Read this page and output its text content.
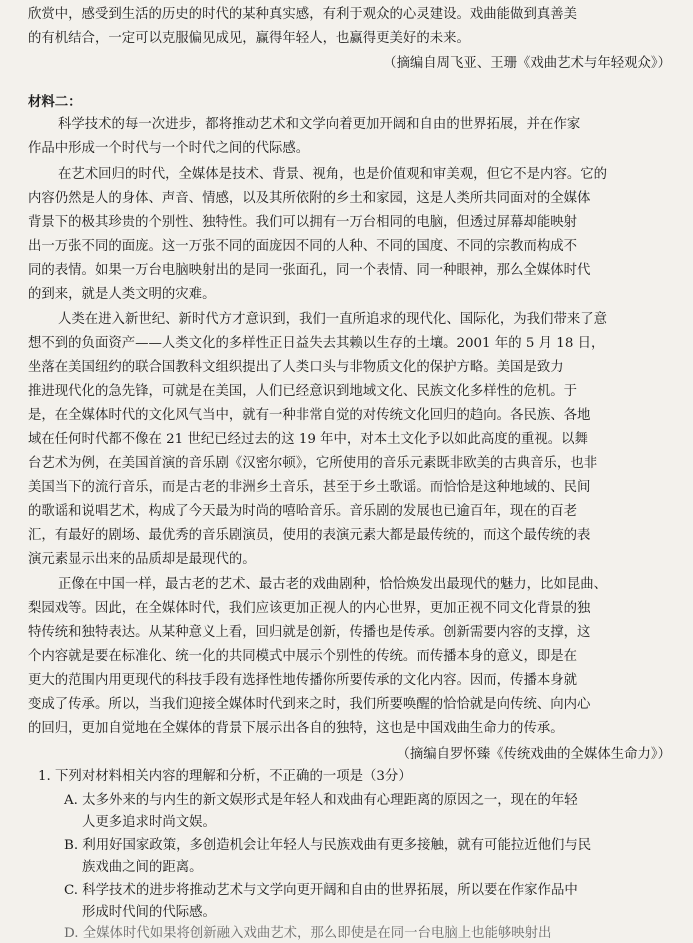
欣赏中，感受到生活的历史的时代的某种真实感，有利于观众的心灵建设。戏曲能做到真善美
的有机结合，一定可以克服偏见成见，赢得年轻人，也赢得更美好的未来。
（摘编自周飞亚、王珊《戏曲艺术与年轻观众》）
材料二：
科学技术的每一次进步，都将推动艺术和文学向着更加开阔和自由的世界拓展，并在作家
作品中形成一个时代与一个时代之间的代际感。
在艺术回归的时代，全媒体是技术、背景、视角，也是价值观和审美观，但它不是内容。它的
内容仍然是人的身体、声音、情感，以及其所依附的乡土和家园，这是人类所共同面对的全媒体
背景下的极其珍贵的个别性、独特性。我们可以拥有一万台相同的电脑，但透过屏幕却能映射
出一万张不同的面庞。这一万张不同的面庞因不同的人种、不同的国度、不同的宗教而构成不
同的表情。如果一万台电脑映射出的是同一张面孔，同一个表情、同一种眼神，那么全媒体时代
的到来，就是人类文明的灾难。
人类在进入新世纪、新时代方才意识到，我们一直所追求的现代化、国际化，为我们带来了意
想不到的负面资产——人类文化的多样性正日益失去其赖以生存的土壤。2001 年的 5 月 18 日，
坐落在美国纽约的联合国教科文组织提出了人类口头与非物质文化的保护方略。美国是致力
推进现代化的急先锋，可就是在美国，人们已经意识到地域文化、民族文化多样性的危机。于
是，在全媒体时代的文化风气当中，就有一种非常自觉的对传统文化回归的趋向。各民族、各地
域在任何时代都不像在 21 世纪已经过去的这 19 年中，对本土文化予以如此高度的重视。以舞
台艺术为例，在美国首演的音乐剧《汉密尔顿》，它所使用的音乐元素既非欧美的古典音乐，也非
美国当下的流行音乐，而是古老的非洲乡土音乐，甚至于乡土歌谣。而恰恰是这种地域的、民间
的歌谣和说唱艺术，构成了今天最为时尚的嘻哈音乐。音乐剧的发展也已逾百年，现在的百老
汇，有最好的剧场、最优秀的音乐剧演员，使用的表演元素大都是最传统的，而这个最传统的表
演元素显示出来的品质却是最现代的。
正像在中国一样，最古老的艺术、最古老的戏曲剧种，恰恰焕发出最现代的魅力，比如昆曲、
梨园戏等。因此，在全媒体时代，我们应该更加正视人的内心世界，更加正视不同文化背景的独
特传统和独特表达。从某种意义上看，回归就是创新，传播也是传承。创新需要内容的支撑，这
个内容就是要在标准化、统一化的共同模式中展示个别性的传统。而传播本身的意义，即是在
更大的范围内用更现代的科技手段有选择性地传播你所要传承的文化内容。因而，传播本身就
变成了传承。所以，当我们迎接全媒体时代到来之时，我们所要唤醒的恰恰就是向传统、向内心
的回归，更加自觉地在全媒体的背景下展示出各自的独特，这也是中国戏曲生命力的传承。
（摘编自罗怀臻《传统戏曲的全媒体生命力》）
1. 下列对材料相关内容的理解和分析，不正确的一项是（3分）
A. 太多外来的与内生的新文娱形式是年轻人和戏曲有心理距离的原因之一，现在的年轻
人更多追求时尚文娱。
B. 利用好国家政策，多创造机会让年轻人与民族戏曲有更多接触，就有可能拉近他们与民
族戏曲之间的距离。
C. 科学技术的进步将推动艺术与文学向更开阔和自由的世界拓展，所以要在作家作品中
形成时代间的代际感。
D. 全媒体时代如果将创新融入戏曲艺术，那么即使是在同一台电脑上也能够映射出
